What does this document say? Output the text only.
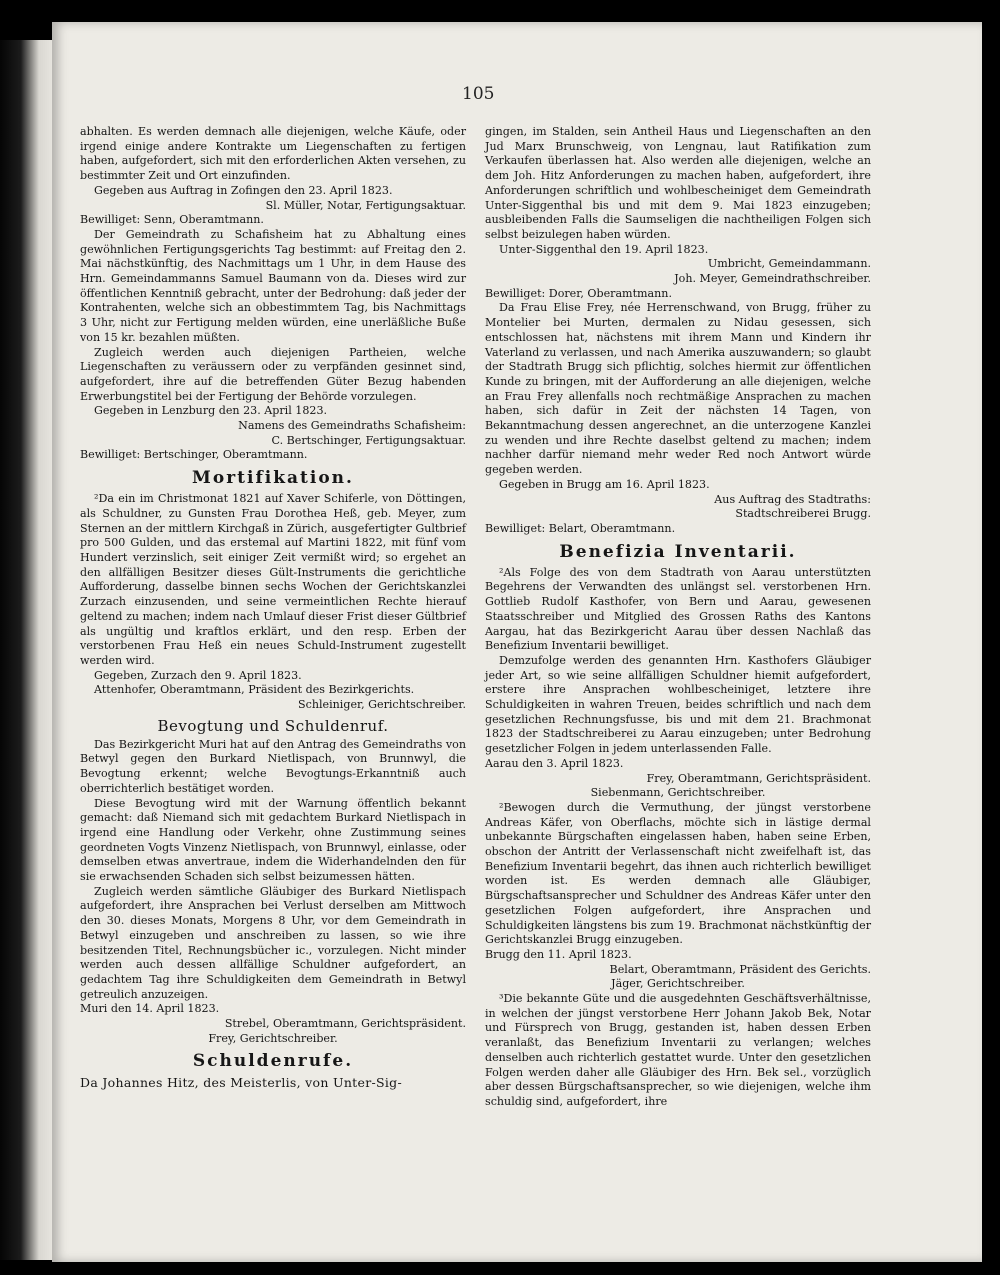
105

abhalten. Es werden demnach alle diejenigen, welche Käufe, oder irgend einige andere Kontrakte um Liegenschaften zu fertigen haben, aufgefordert, sich mit den erforderlichen Akten versehen, zu bestimmter Zeit und Ort einzufinden.

Gegeben aus Auftrag in Zofingen den 23. April 1823.

Sl. Müller, Notar, Fertigungsaktuar.

Bewilliget: Senn, Oberamtmann.

Der Gemeindrath zu Schafisheim hat zu Abhaltung eines gewöhnlichen Fertigungsgerichts Tag bestimmt: auf Freitag den 2. Mai nächstkünftig, des Nachmittags um 1 Uhr, in dem Hause des Hrn. Gemeindammanns Samuel Baumann von da. Dieses wird zur öffentlichen Kenntniß gebracht, unter der Bedrohung: daß jeder der Kontrahenten, welche sich an obbestimmtem Tag, bis Nachmittags 3 Uhr, nicht zur Fertigung melden würden, eine unerläßliche Buße von 15 kr. bezahlen müßten.

Zugleich werden auch diejenigen Partheien, welche Liegenschaften zu veräussern oder zu verpfänden gesinnet sind, aufgefordert, ihre auf die betreffenden Güter Bezug habenden Erwerbungstitel bei der Fertigung der Behörde vorzulegen.

Gegeben in Lenzburg den 23. April 1823.

Namens des Gemeindraths Schafisheim:

C. Bertschinger, Fertigungsaktuar.

Bewilliget: Bertschinger, Oberamtmann.

Mortifikation.

²Da ein im Christmonat 1821 auf Xaver Schiferle, von Döttingen, als Schuldner, zu Gunsten Frau Dorothea Heß, geb. Meyer, zum Sternen an der mittlern Kirchgaß in Zürich, ausgefertigter Gultbrief pro 500 Gulden, und das erstemal auf Martini 1822, mit fünf vom Hundert verzinslich, seit einiger Zeit vermißt wird; so ergehet an den allfälligen Besitzer dieses Gült-Instruments die gerichtliche Aufforderung, dasselbe binnen sechs Wochen der Gerichtskanzlei Zurzach einzusenden, und seine vermeintlichen Rechte hierauf geltend zu machen; indem nach Umlauf dieser Frist dieser Gültbrief als ungültig und kraftlos erklärt, und den resp. Erben der verstorbenen Frau Heß ein neues Schuld-Instrument zugestellt werden wird.

Gegeben, Zurzach den 9. April 1823.

Attenhofer, Oberamtmann, Präsident des Bezirkgerichts.

Schleiniger, Gerichtschreiber.

Bevogtung und Schuldenruf.

Das Bezirkgericht Muri hat auf den Antrag des Gemeindraths von Betwyl gegen den Burkard Nietlispach, von Brunnwyl, die Bevogtung erkennt; welche Bevogtungs-Erkanntniß auch oberrichterlich bestätiget worden.

Diese Bevogtung wird mit der Warnung öffentlich bekannt gemacht: daß Niemand sich mit gedachtem Burkard Nietlispach in irgend eine Handlung oder Verkehr, ohne Zustimmung seines geordneten Vogts Vinzenz Nietlispach, von Brunnwyl, einlasse, oder demselben etwas anvertraue, indem die Widerhandelnden den für sie erwachsenden Schaden sich selbst beizumessen hätten.

Zugleich werden sämtliche Gläubiger des Burkard Nietlispach aufgefordert, ihre Ansprachen bei Verlust derselben am Mittwoch den 30. dieses Monats, Morgens 8 Uhr, vor dem Gemeindrath in Betwyl einzugeben und anschreiben zu lassen, so wie ihre besitzenden Titel, Rechnungsbücher ic., vorzulegen. Nicht minder werden auch dessen allfällige Schuldner aufgefordert, an gedachtem Tag ihre Schuldigkeiten dem Gemeindrath in Betwyl getreulich anzuzeigen.

Muri den 14. April 1823.

Strebel, Oberamtmann, Gerichtspräsident.

Frey, Gerichtschreiber.

Schuldenrufe.

Da Johannes Hitz, des Meisterlis, von Unter-Sig-

gingen, im Stalden, sein Antheil Haus und Liegenschaften an den Jud Marx Brunschweig, von Lengnau, laut Ratifikation zum Verkaufen überlassen hat. Also werden alle diejenigen, welche an dem Joh. Hitz Anforderungen zu machen haben, aufgefordert, ihre Anforderungen schriftlich und wohlbescheiniget dem Gemeindrath Unter-Siggenthal bis und mit dem 9. Mai 1823 einzugeben; ausbleibenden Falls die Saumseligen die nachtheiligen Folgen sich selbst beizulegen haben würden.

Unter-Siggenthal den 19. April 1823.

Umbricht, Gemeindammann.

Joh. Meyer, Gemeindrathschreiber.

Bewilliget: Dorer, Oberamtmann.

Da Frau Elise Frey, née Herrenschwand, von Brugg, früher zu Montelier bei Murten, dermalen zu Nidau gesessen, sich entschlossen hat, nächstens mit ihrem Mann und Kindern ihr Vaterland zu verlassen, und nach Amerika auszuwandern; so glaubt der Stadtrath Brugg sich pflichtig, solches hiermit zur öffentlichen Kunde zu bringen, mit der Aufforderung an alle diejenigen, welche an Frau Frey allenfalls noch rechtmäßige Ansprachen zu machen haben, sich dafür in Zeit der nächsten 14 Tagen, von Bekanntmachung dessen angerechnet, an die unterzogene Kanzlei zu wenden und ihre Rechte daselbst geltend zu machen; indem nachher darfür niemand mehr weder Red noch Antwort würde gegeben werden.

Gegeben in Brugg am 16. April 1823.

Aus Auftrag des Stadtraths:

Stadtschreiberei Brugg.

Bewilliget: Belart, Oberamtmann.

Benefizia Inventarii.

²Als Folge des von dem Stadtrath von Aarau unterstützten Begehrens der Verwandten des unlängst sel. verstorbenen Hrn. Gottlieb Rudolf Kasthofer, von Bern und Aarau, gewesenen Staatsschreiber und Mitglied des Grossen Raths des Kantons Aargau, hat das Bezirkgericht Aarau über dessen Nachlaß das Benefizium Inventarii bewilliget.

Demzufolge werden des genannten Hrn. Kasthofers Gläubiger jeder Art, so wie seine allfälligen Schuldner hiemit aufgefordert, erstere ihre Ansprachen wohlbescheiniget, letztere ihre Schuldigkeiten in wahren Treuen, beides schriftlich und nach dem gesetzlichen Rechnungsfusse, bis und mit dem 21. Brachmonat 1823 der Stadtschreiberei zu Aarau einzugeben; unter Bedrohung gesetzlicher Folgen in jedem unterlassenden Falle.

Aarau den 3. April 1823.

Frey, Oberamtmann, Gerichtspräsident.

Siebenmann, Gerichtschreiber.

²Bewogen durch die Vermuthung, der jüngst verstorbene Andreas Käfer, von Oberflachs, möchte sich in lästige dermal unbekannte Bürgschaften eingelassen haben, haben seine Erben, obschon der Antritt der Verlassenschaft nicht zweifelhaft ist, das Benefizium Inventarii begehrt, das ihnen auch richterlich bewilliget worden ist. Es werden demnach alle Gläubiger, Bürgschaftsansprecher und Schuldner des Andreas Käfer unter den gesetzlichen Folgen aufgefordert, ihre Ansprachen und Schuldigkeiten längstens bis zum 19. Brachmonat nächstkünftig der Gerichtskanzlei Brugg einzugeben.

Brugg den 11. April 1823.

Belart, Oberamtmann, Präsident des Gerichts.

Jäger, Gerichtschreiber.

³Die bekannte Güte und die ausgedehnten Geschäftsverhältnisse, in welchen der jüngst verstorbene Herr Johann Jakob Bek, Notar und Fürsprech von Brugg, gestanden ist, haben dessen Erben veranlaßt, das Benefizium Inventarii zu verlangen; welches denselben auch richterlich gestattet wurde. Unter den gesetzlichen Folgen werden daher alle Gläubiger des Hrn. Bek sel., vorzüglich aber dessen Bürgschaftsansprecher, so wie diejenigen, welche ihm schuldig sind, aufgefordert, ihre
